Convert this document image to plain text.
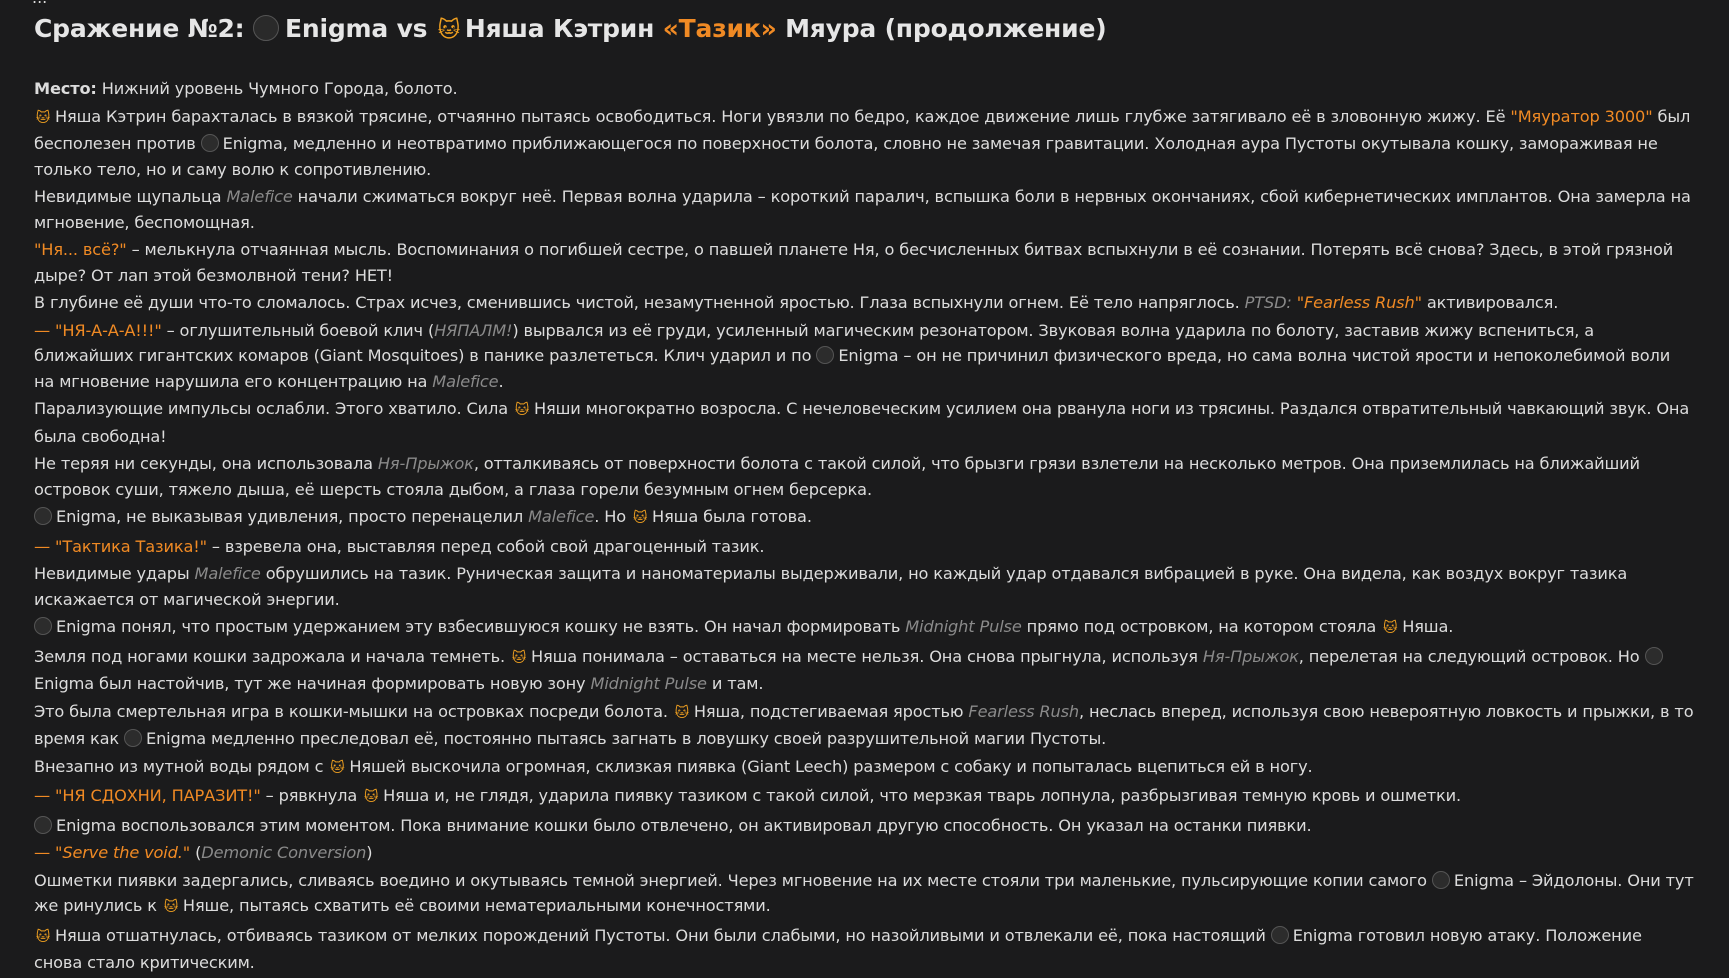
Сражение №2: Enigma vs 🐱 Няша Кэтрин «Тазик» Мяура (продолжение)

Место: Нижний уровень Чумного Города, болото.

🐱 Няша Кэтрин барахталась в вязкой трясине, отчаянно пытаясь освободиться. Ноги увязли по бедро, каждое движение лишь глубже затягивало её в зловонную жижу. Её "Мяуратор 3000" был бесполезен против Enigma, медленно и неотвратимо приближающегося по поверхности болота, словно не замечая гравитации. Холодная аура Пустоты окутывала кошку, замораживая не только тело, но и саму волю к сопротивлению.

Невидимые щупальца Malefice начали сжиматься вокруг неё. Первая волна ударила – короткий паралич, вспышка боли в нервных окончаниях, сбой кибернетических имплантов. Она замерла на мгновение, беспомощная.

"Ня... всё?" – мелькнула отчаянная мысль. Воспоминания о погибшей сестре, о павшей планете Ня, о бесчисленных битвах вспыхнули в её сознании. Потерять всё снова? Здесь, в этой грязной дыре? От лап этой безмолвной тени? НЕТ!

В глубине её души что-то сломалось. Страх исчез, сменившись чистой, незамутненной яростью. Глаза вспыхнули огнем. Её тело напряглось. PTSD: "Fearless Rush" активировался.

— "НЯ-А-А-А!!!" – оглушительный боевой клич (НЯПАЛМ!) вырвался из её груди, усиленный магическим резонатором. Звуковая волна ударила по болоту, заставив жижу вспениться, а ближайших гигантских комаров (Giant Mosquitoes) в панике разлететься. Клич ударил и по Enigma – он не причинил физического вреда, но сама волна чистой ярости и непоколебимой воли на мгновение нарушила его концентрацию на Malefice.

Парализующие импульсы ослабли. Этого хватило. Сила 🐱 Няши многократно возросла. С нечеловеческим усилием она рванула ноги из трясины. Раздался отвратительный чавкающий звук. Она была свободна!

Не теряя ни секунды, она использовала Ня-Прыжок, отталкиваясь от поверхности болота с такой силой, что брызги грязи взлетели на несколько метров. Она приземлилась на ближайший островок суши, тяжело дыша, её шерсть стояла дыбом, а глаза горели безумным огнем берсерка.

Enigma, не выказывая удивления, просто перенацелил Malefice. Но 🐱 Няша была готова.

— "Тактика Тазика!" – взревела она, выставляя перед собой свой драгоценный тазик.

Невидимые удары Malefice обрушились на тазик. Руническая защита и наноматериалы выдерживали, но каждый удар отдавался вибрацией в руке. Она видела, как воздух вокруг тазика искажается от магической энергии.

Enigma понял, что простым удержанием эту взбесившуюся кошку не взять. Он начал формировать Midnight Pulse прямо под островком, на котором стояла 🐱 Няша.

Земля под ногами кошки задрожала и начала темнеть. 🐱 Няша понимала – оставаться на месте нельзя. Она снова прыгнула, используя Ня-Прыжок, перелетая на следующий островок. Но Enigma был настойчив, тут же начиная формировать новую зону Midnight Pulse и там.

Это была смертельная игра в кошки-мышки на островках посреди болота. 🐱 Няша, подстегиваемая яростью Fearless Rush, неслась вперед, используя свою невероятную ловкость и прыжки, в то время как Enigma медленно преследовал её, постоянно пытаясь загнать в ловушку своей разрушительной магии Пустоты.

Внезапно из мутной воды рядом с 🐱 Няшей выскочила огромная, склизкая пиявка (Giant Leech) размером с собаку и попыталась вцепиться ей в ногу.

— "НЯ СДОХНИ, ПАРАЗИТ!" – рявкнула 🐱 Няша и, не глядя, ударила пиявку тазиком с такой силой, что мерзкая тварь лопнула, разбрызгивая темную кровь и ошметки.

Enigma воспользовался этим моментом. Пока внимание кошки было отвлечено, он активировал другую способность. Он указал на останки пиявки.

— "Serve the void." (Demonic Conversion)

Ошметки пиявки задергались, сливаясь воедино и окутываясь темной энергией. Через мгновение на их месте стояли три маленькие, пульсирующие копии самого Enigma – Эйдолоны. Они тут же ринулись к 🐱 Няше, пытаясь схватить её своими нематериальными конечностями.

🐱 Няша отшатнулась, отбиваясь тазиком от мелких порождений Пустоты. Они были слабыми, но назойливыми и отвлекали её, пока настоящий Enigma готовил новую атаку. Положение снова стало критическим.
